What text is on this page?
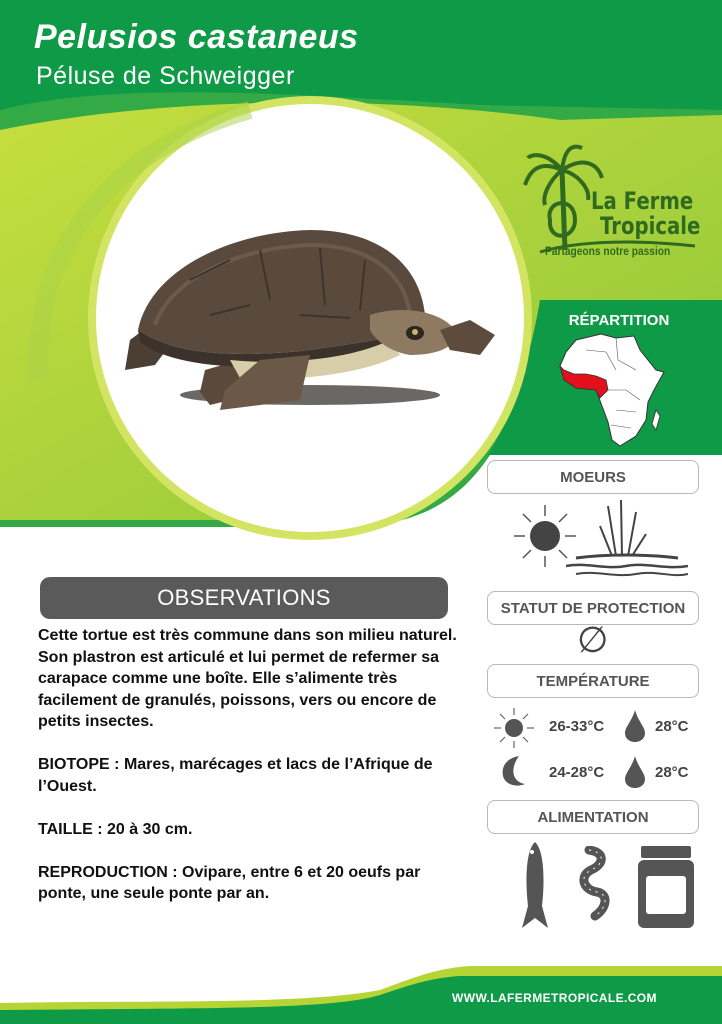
Pelusios castaneus
Péluse de Schweigger
La Ferme
Tropicale
Partageons notre passion
RÉPARTITION
MOEURS
STATUT DE PROTECTION
∅
TEMPÉRATURE
26-33°C	28°C
24-28°C	28°C
ALIMENTATION
OBSERVATIONS

Cette tortue est très commune dans son milieu naturel. Son plastron est articulé et lui permet de refermer sa carapace comme une boîte. Elle s’alimente très facilement de granulés, poissons, vers ou encore de petits insectes.

BIOTOPE : Mares, marécages et lacs de l’Afrique de l’Ouest.

TAILLE : 20 à 30 cm.

REPRODUCTION : Ovipare, entre 6 et 20 oeufs par ponte, une seule ponte par an.

WWW.LAFERMETROPICALE.COM
